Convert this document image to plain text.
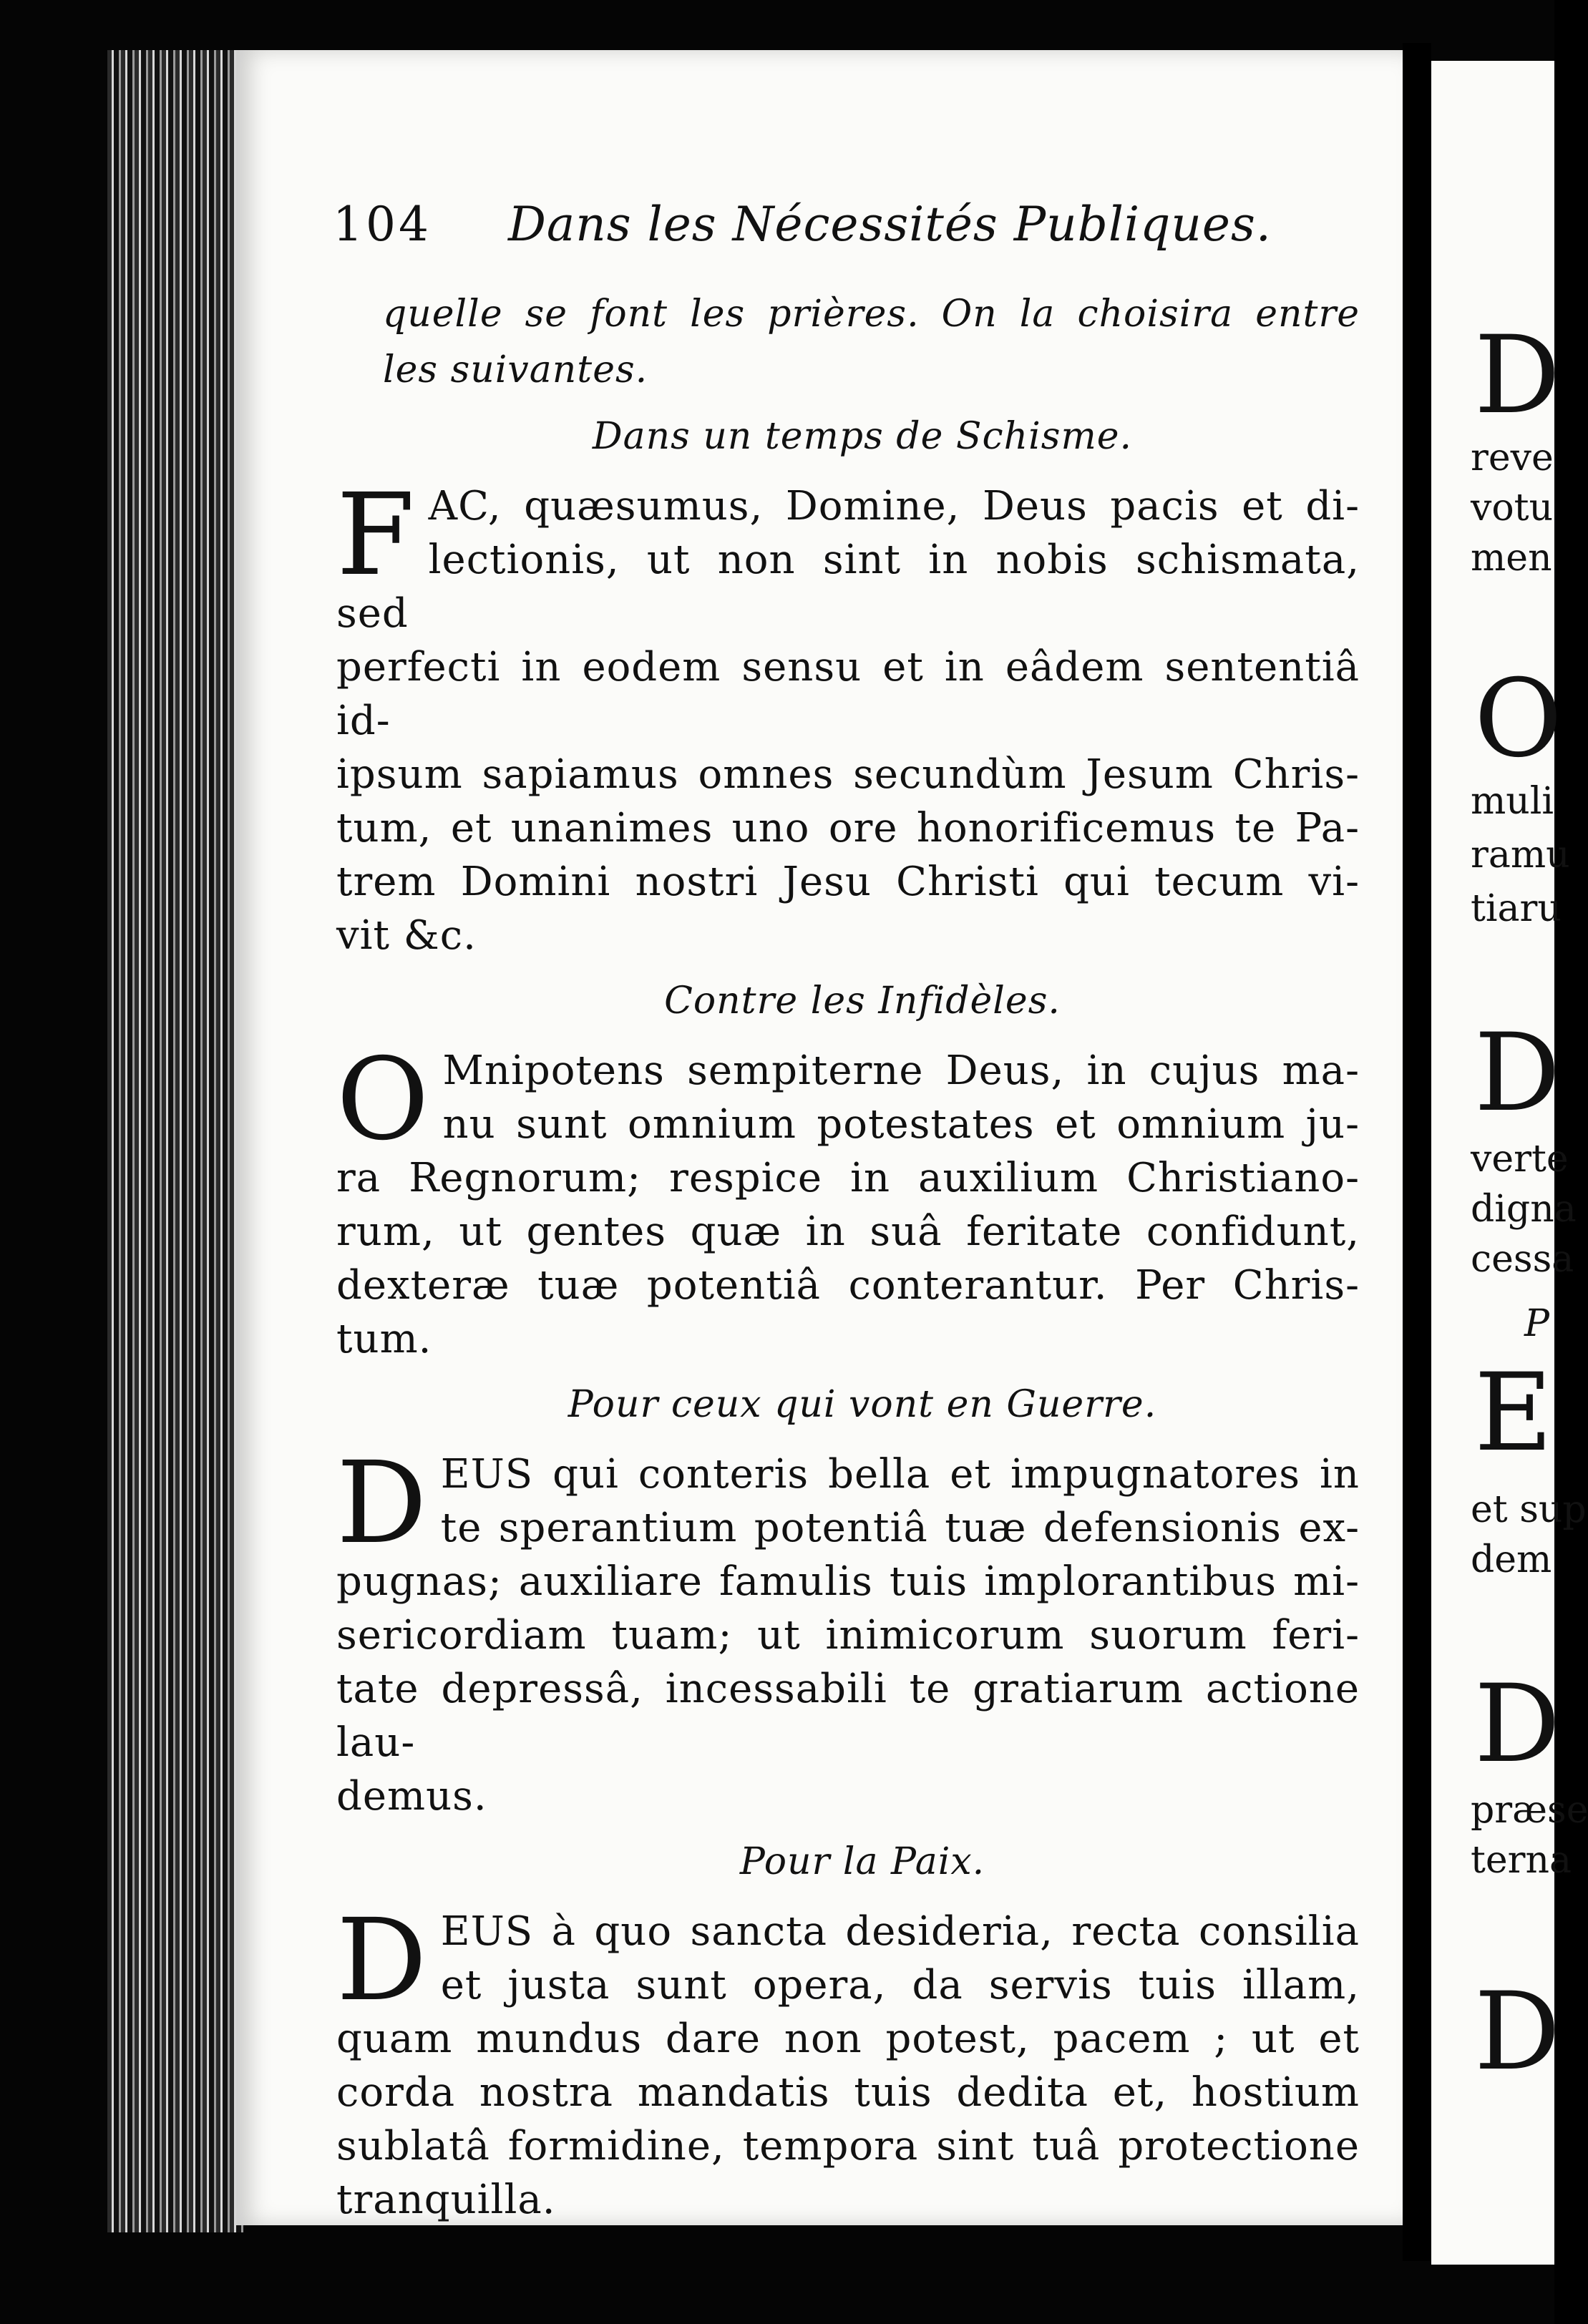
D
reve
votu
men
O
muli
ramu
tiaru
D
verte
digna
cessa
P
E
et sup
dem
D
præse
terna
D
104 Dans les Nécessités Publiques.
quelle se font les prières. On la choisira entre
les suivantes.
Dans un temps de Schisme.
F AC, quæsumus, Domine, Deus pacis et di-
lectionis, ut non sint in nobis schismata, sed
perfecti in eodem sensu et in eâdem sententiâ id-
ipsum sapiamus omnes secundùm Jesum Chris-
tum, et unanimes uno ore honorificemus te Pa-
trem Domini nostri Jesu Christi qui tecum vi-
vit &c.
Contre les Infidèles.
O Mnipotens sempiterne Deus, in cujus ma-
nu sunt omnium potestates et omnium ju-
ra Regnorum; respice in auxilium Christiano-
rum, ut gentes quæ in suâ feritate confidunt,
dexteræ tuæ potentiâ conterantur. Per Chris-
tum.
Pour ceux qui vont en Guerre.
D EUS qui conteris bella et impugnatores in
te sperantium potentiâ tuæ defensionis ex-
pugnas; auxiliare famulis tuis implorantibus mi-
sericordiam tuam; ut inimicorum suorum feri-
tate depressâ, incessabili te gratiarum actione lau-
demus.
Pour la Paix.
D EUS à quo sancta desideria, recta consilia
et justa sunt opera, da servis tuis illam,
quam mundus dare non potest, pacem ; ut et
corda nostra mandatis tuis dedita et, hostium
sublatâ formidine, tempora sint tuâ protectione
tranquilla.
